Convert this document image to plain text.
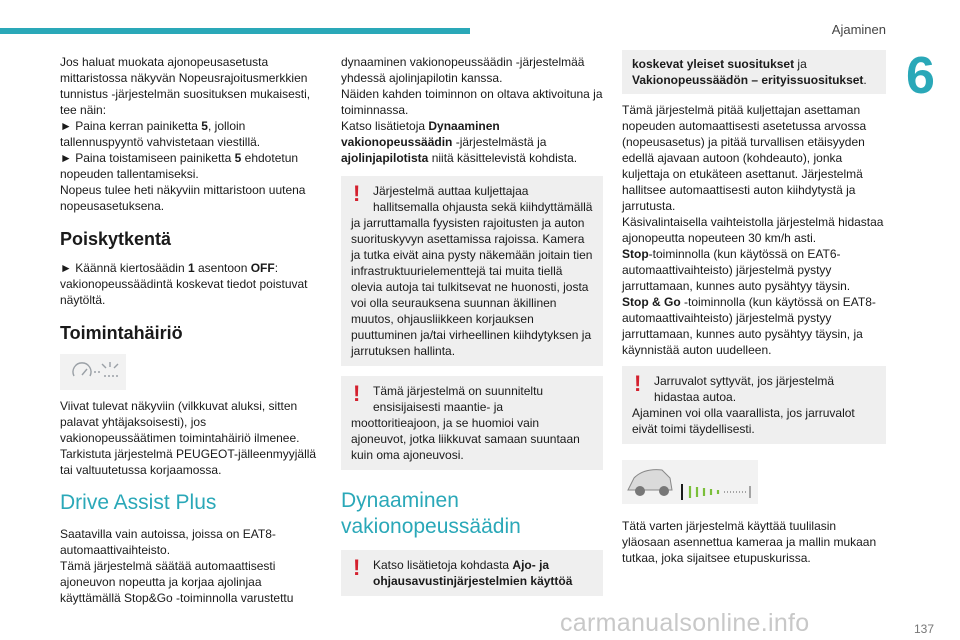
Ajaminen
6

Jos haluat muokata ajonopeusasetusta mittaristossa näkyvän Nopeusrajoitusmerkkien tunnistus -järjestelmän suosituksen mukaisesti, tee näin:

► Paina kerran painiketta 5, jolloin tallennuspyyntö vahvistetaan viestillä.

► Paina toistamiseen painiketta 5 ehdotetun nopeuden tallentamiseksi.

Nopeus tulee heti näkyviin mittaristoon uutena nopeusasetuksena.

Poiskytkentä

► Käännä kiertosäädin 1 asentoon OFF: vakionopeussäädintä koskevat tiedot poistuvat näytöltä.

Toimintahäiriö

Viivat tulevat näkyviin (vilkkuvat aluksi, sitten palavat yhtäjaksoisesti), jos vakionopeussäätimen toimintahäiriö ilmenee.

Tarkistuta järjestelmä PEUGEOT-jälleenmyyjällä tai valtuutetussa korjaamossa.

Drive Assist Plus

Saatavilla vain autoissa, joissa on EAT8-automaattivaihteisto.

Tämä järjestelmä säätää automaattisesti ajoneuvon nopeutta ja korjaa ajolinjaa käyttämällä Stop&Go -toiminnolla varustettu

dynaaminen vakionopeussäädin -järjestelmää yhdessä ajolinjapilotin kanssa.

Näiden kahden toiminnon on oltava aktivoituna ja toiminnassa.

Katso lisätietoja Dynaaminen vakionopeussäädin -järjestelmästä ja ajolinjapilotista niitä käsittelevistä kohdista.

!	Järjestelmä auttaa kuljettajaa hallitsemalla ohjausta sekä kiihdyttämällä

ja jarruttamalla fyysisten rajoitusten ja auton suorituskyvyn asettamissa rajoissa. Kamera ja tutka eivät aina pysty näkemään joitain tien infrastruktuurielementtejä tai muita tiellä olevia autoja tai tulkitsevat ne huonosti, josta voi olla seurauksena suunnan äkillinen muutos, ohjausliikkeen korjauksen puuttuminen ja/tai virheellinen kiihdytyksen ja jarrutuksen hallinta.

!	Tämä järjestelmä on suunniteltu ensisijaisesti maantie- ja

moottoritieajoon, ja se huomioi vain ajoneuvot, jotka liikkuvat samaan suuntaan kuin oma ajoneuvosi.

Dynaaminen vakionopeussäädin
!	Katso lisätietoja kohdasta Ajo- ja ohjausavustinjärjestelmien käyttöä

koskevat yleiset suositukset ja Vakionopeussäädön – erityissuositukset.

Tämä järjestelmä pitää kuljettajan asettaman nopeuden automaattisesti asetetussa arvossa (nopeusasetus) ja pitää turvallisen etäisyyden edellä ajavaan autoon (kohdeauto), jonka kuljettaja on etukäteen asettanut. Järjestelmä hallitsee automaattisesti auton kiihdytystä ja jarrutusta.

Käsivalintaisella vaihteistolla järjestelmä hidastaa ajonopeutta nopeuteen 30 km/h asti.

Stop-toiminnolla (kun käytössä on EAT6-automaattivaihteisto) järjestelmä pystyy jarruttamaan, kunnes auto pysähtyy täysin.

Stop & Go -toiminnolla (kun käytössä on EAT8-automaattivaihteisto) järjestelmä pystyy jarruttamaan, kunnes auto pysähtyy täysin, ja käynnistää auton uudelleen.

!	Jarruvalot syttyvät, jos järjestelmä hidastaa autoa.

Ajaminen voi olla vaarallista, jos jarruvalot eivät toimi täydellisesti.

Tätä varten järjestelmä käyttää tuulilasin yläosaan asennettua kameraa ja mallin mukaan tutkaa, joka sijaitsee etupuskurissa.

carmanualsonline.info	137
